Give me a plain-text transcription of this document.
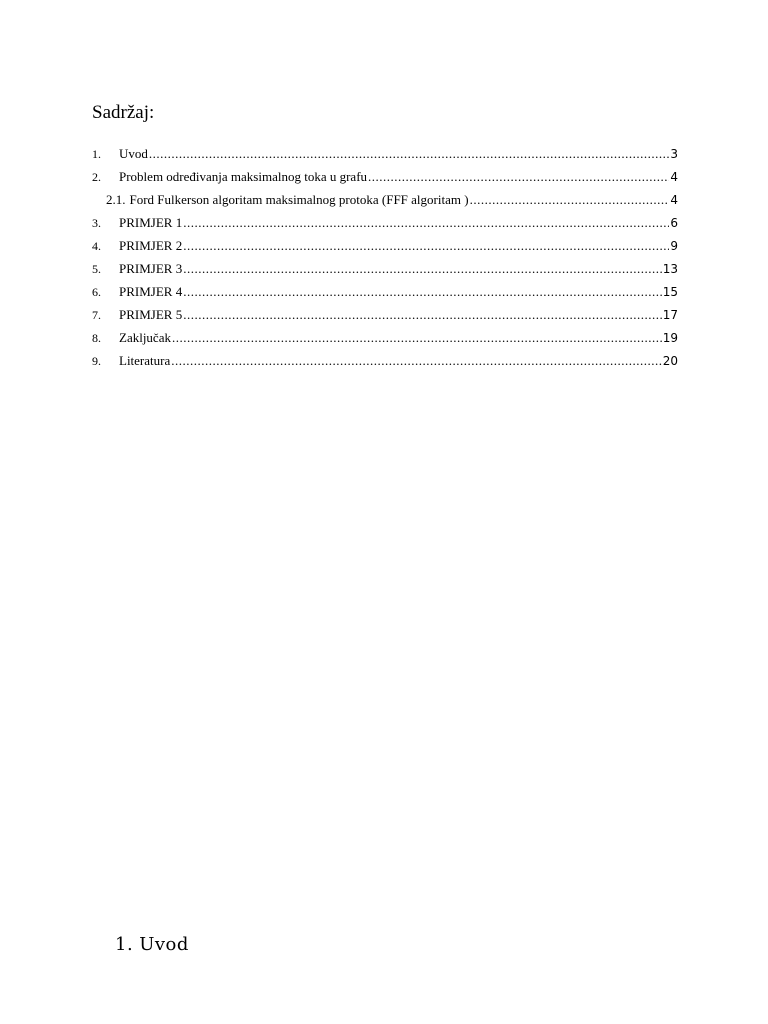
Sadržaj:
1.	Uvod .....	3
2.	Problem određivanja maksimalnog toka u grafu .....	4
2.1. Ford Fulkerson algoritam maksimalnog protoka (FFF algoritam ) .....	4
3.	PRIMJER 1 .....	6
4.	PRIMJER 2 .....	9
5.	PRIMJER 3 .....	13
6.	PRIMJER 4 .....	15
7.	PRIMJER 5 .....	17
8.	Zaključak .....	19
9.	Literatura .....	20
1. Uvod
